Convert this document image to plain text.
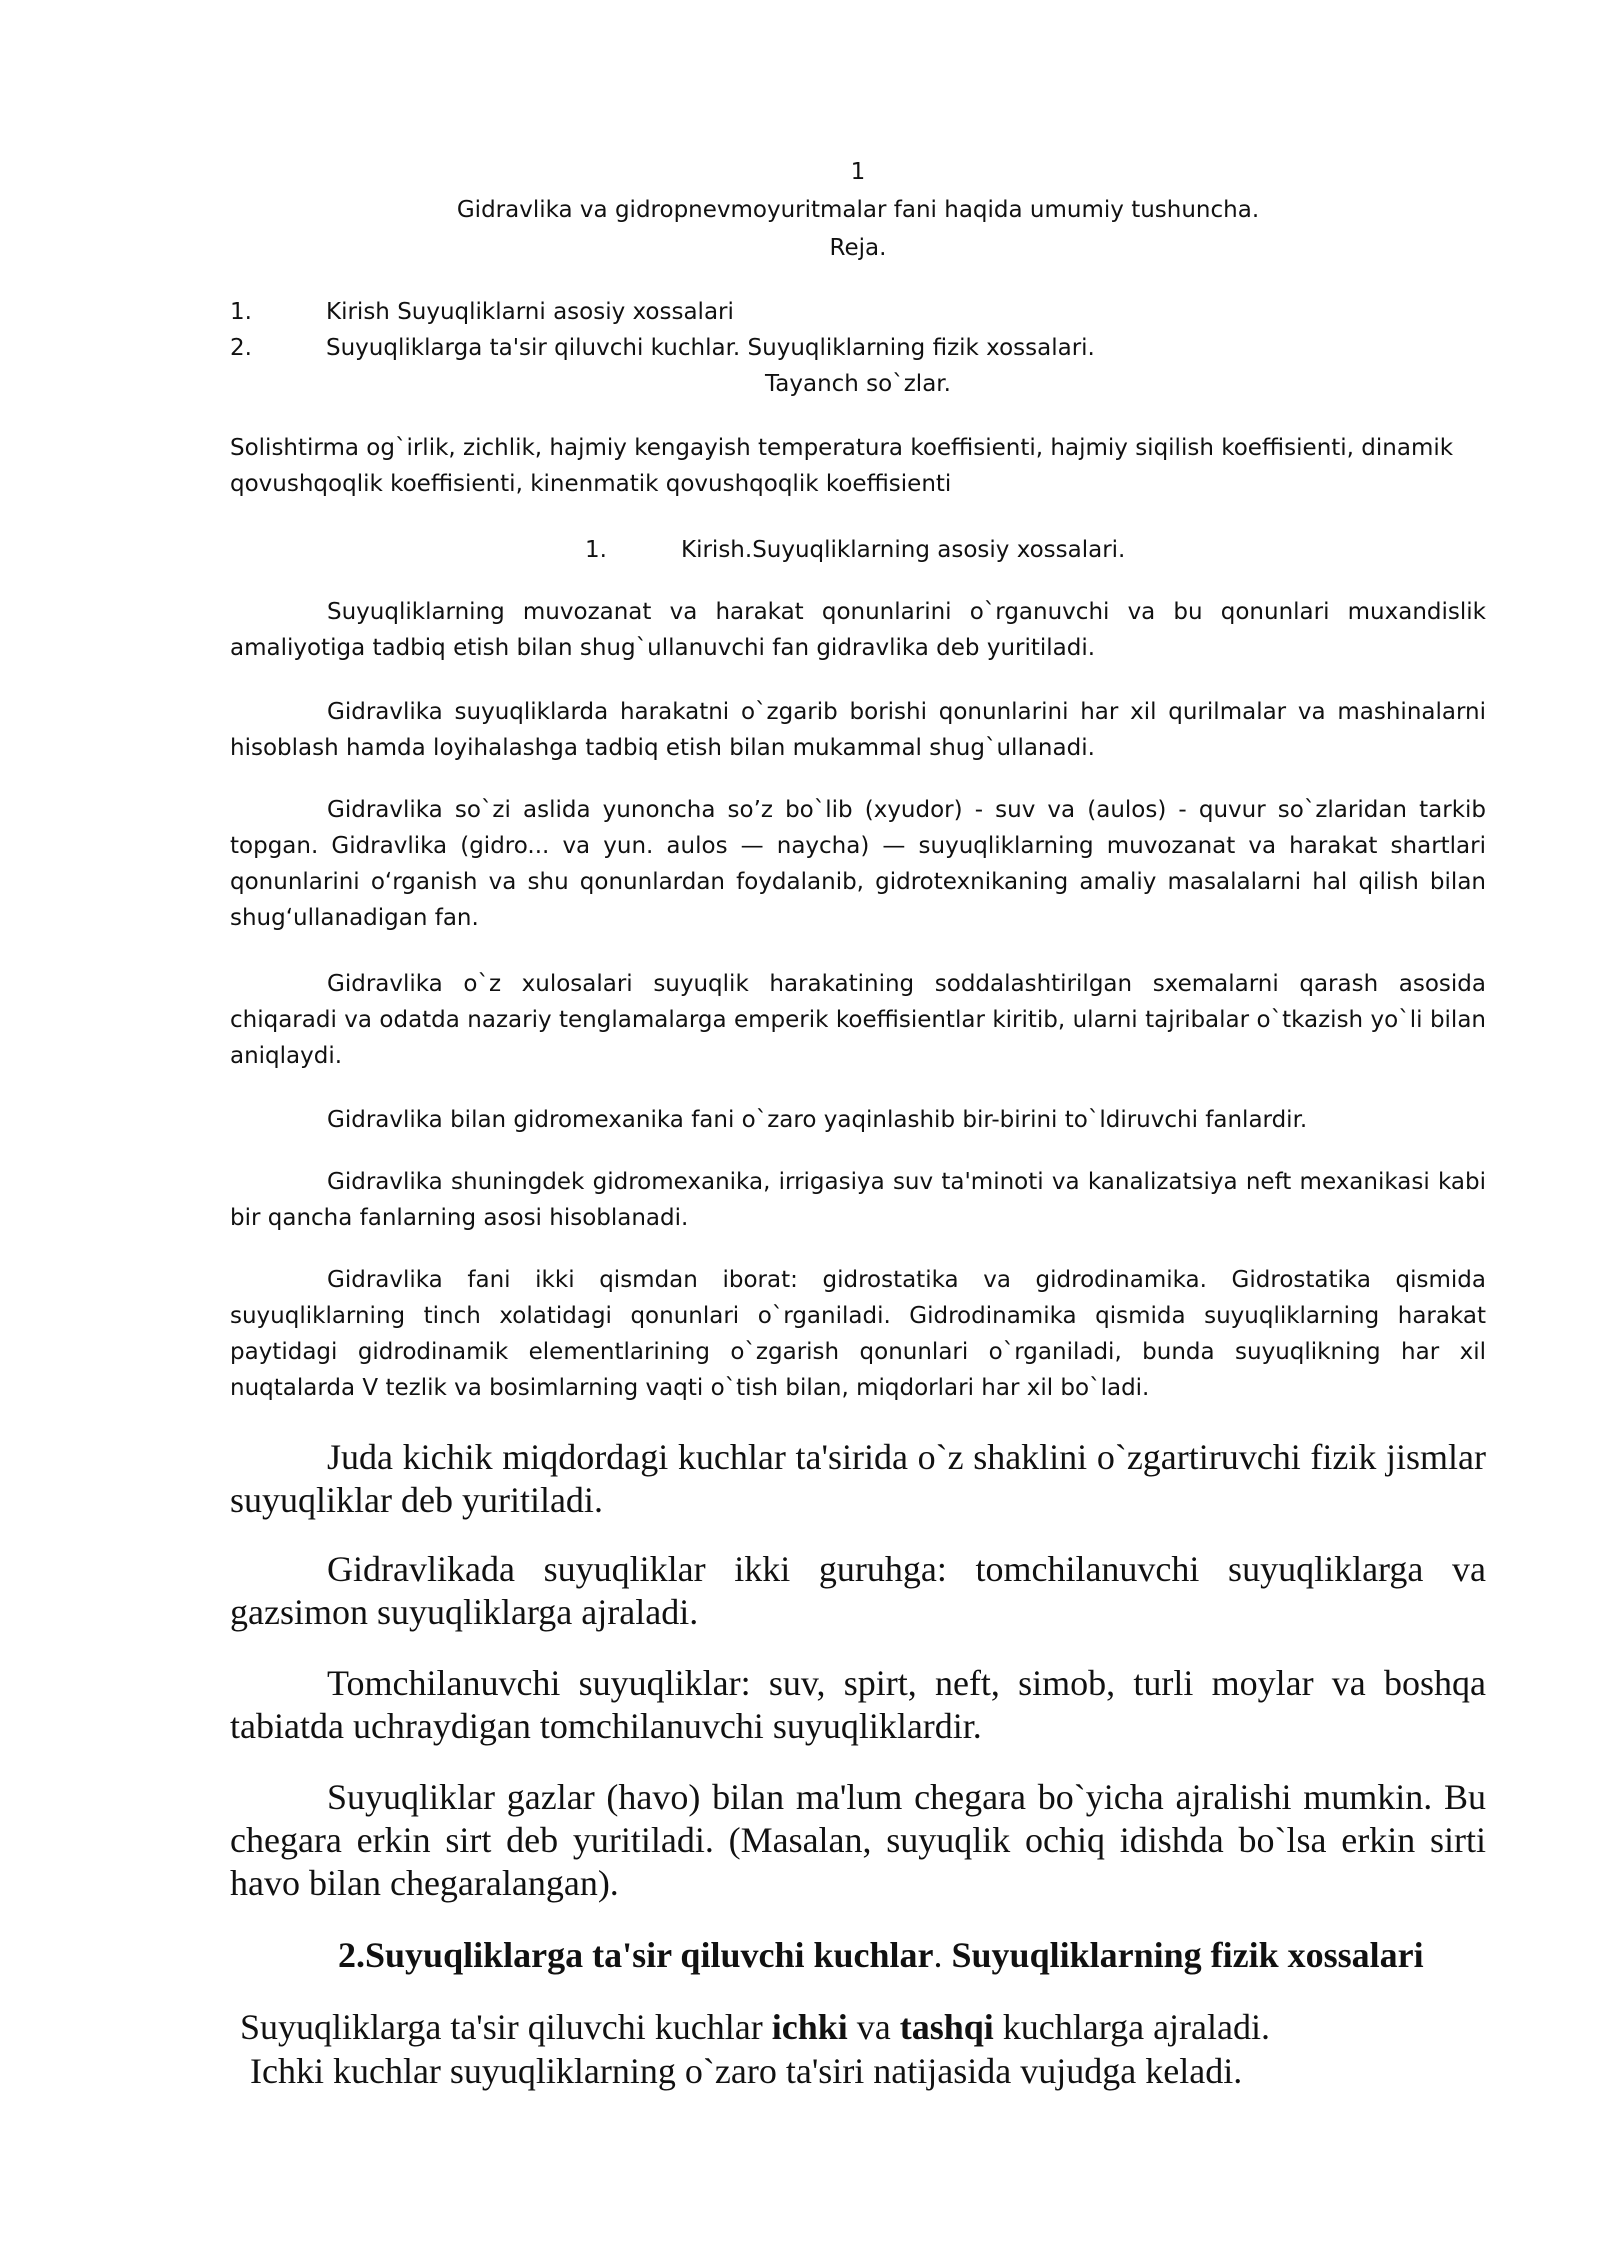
1
Gidravlika va gidropnevmoyuritmalar fani haqida umumiy tushuncha.
Reja.
1.	Kirish Suyuqliklarni asosiy xossalari
2.	Suyuqliklarga ta'sir qiluvchi kuchlar. Suyuqliklarning fizik xossalari.
Tayanch so`zlar.
Solishtirma og`irlik, zichlik, hajmiy kengayish temperatura koeffisienti, hajmiy siqilish koeffisienti, dinamik qovushqoqlik koeffisienti, kinenmatik qovushqoqlik koeffisienti
1.	Kirish.Suyuqliklarning asosiy xossalari.
Suyuqliklarning muvozanat va harakat qonunlarini o`rganuvchi va bu qonunlari muxandislik amaliyotiga tadbiq etish bilan shug`ullanuvchi fan gidravlika deb yuritiladi.
Gidravlika suyuqliklarda harakatni o`zgarib borishi qonunlarini har xil qurilmalar va mashinalarni hisoblash hamda loyihalashga tadbiq etish bilan mukammal shug`ullanadi.
Gidravlika so`zi aslida yunoncha so’z bo`lib (xyudor) - suv va (aulos) - quvur so`zlaridan tarkib topgan. Gidravlika (gidro... va yun. aulos — naycha) — suyuqliklarning muvozanat va harakat shartlari qonunlarini oʻrganish va shu qonunlardan foydalanib, gidrotexnikaning amaliy masalalarni hal qilish bilan shugʻullanadigan fan.
Gidravlika o`z xulosalari suyuqlik harakatining soddalashtirilgan sxemalarni qarash asosida chiqaradi va odatda nazariy tenglamalarga emperik koeffisientlar kiritib, ularni tajribalar o`tkazish yo`li bilan aniqlaydi.
Gidravlika bilan gidromexanika fani o`zaro yaqinlashib bir-birini to`ldiruvchi fanlardir.
Gidravlika shuningdek gidromexanika, irrigasiya suv ta'minoti va kanalizatsiya neft mexanikasi kabi bir qancha fanlarning asosi hisoblanadi.
Gidravlika fani ikki qismdan iborat: gidrostatika va gidrodinamika. Gidrostatika qismida suyuqliklarning tinch xolatidagi qonunlari o`rganiladi. Gidrodinamika qismida suyuqliklarning harakat paytidagi gidrodinamik elementlarining o`zgarish qonunlari o`rganiladi, bunda suyuqlikning har xil nuqtalarda V tezlik va bosimlarning vaqti o`tish bilan, miqdorlari har xil bo`ladi.
Juda kichik miqdordagi kuchlar ta'sirida o`z shaklini o`zgartiruvchi fizik jismlar suyuqliklar deb yuritiladi.
Gidravlikada suyuqliklar ikki guruhga: tomchilanuvchi suyuqliklarga va gazsimon suyuqliklarga ajraladi.
Tomchilanuvchi suyuqliklar: suv, spirt, neft, simob, turli moylar va boshqa tabiatda uchraydigan tomchilanuvchi suyuqliklardir.
Suyuqliklar gazlar (havo) bilan ma'lum chegara bo`yicha ajralishi mumkin. Bu chegara erkin sirt deb yuritiladi. (Masalan, suyuqlik ochiq idishda bo`lsa erkin sirti havo bilan chegaralangan).
2.Suyuqliklarga ta'sir qiluvchi kuchlar. Suyuqliklarning fizik xossalari
Suyuqliklarga ta'sir qiluvchi kuchlar ichki va tashqi kuchlarga ajraladi.
Ichki kuchlar suyuqliklarning o`zaro ta'siri natijasida vujudga keladi.
